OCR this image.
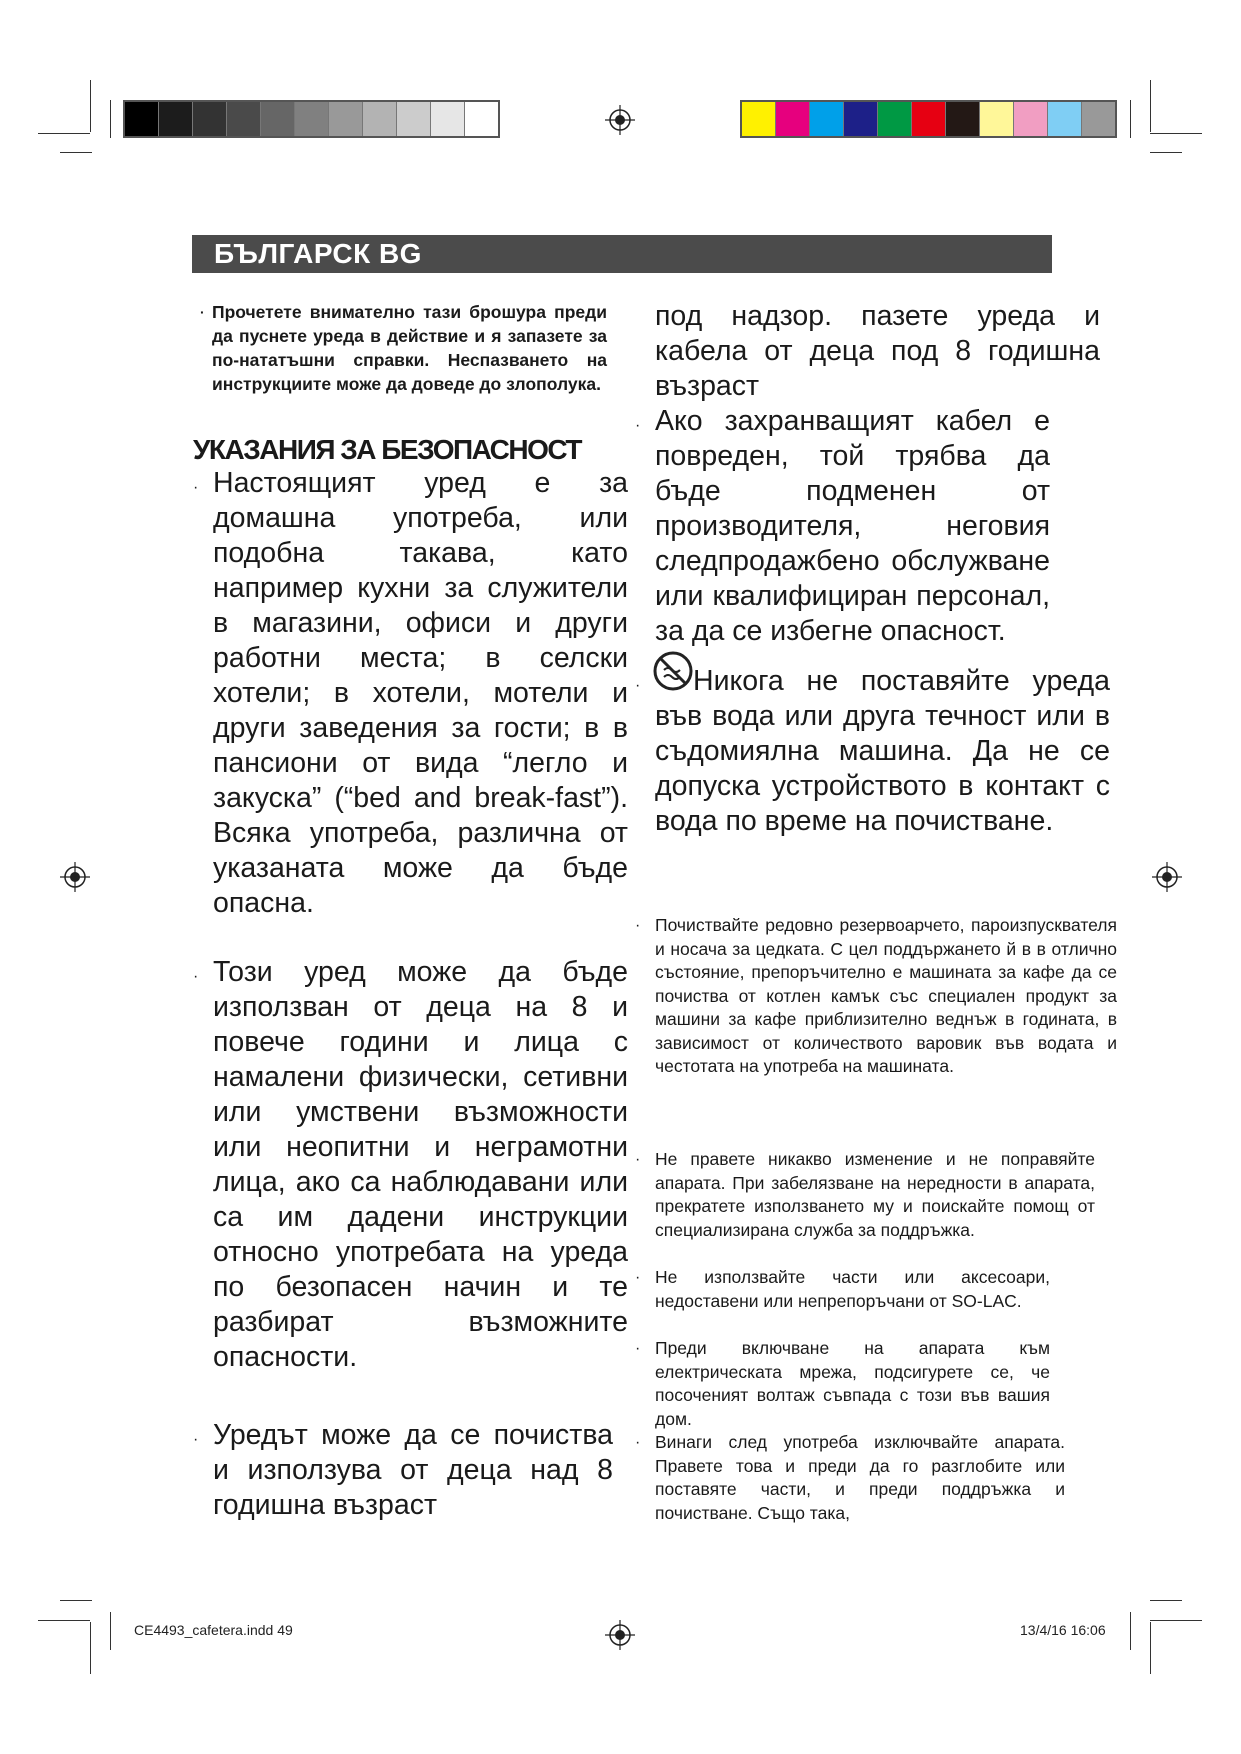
БЪЛГАРСК BG
· Прочетете внимателно тази брошура преди да пуснете уреда в действие и я запазете за по-нататъшни справки. Неспазването на инструкциите може да доведе до злополука.
УКАЗАНИЯ ЗА БЕЗОПАСНОСТ
· Настоящият уред е за домашна употреба, или подобна такава, като например кухни за служители в магазини, офиси и други работни места; в селски хотели; в хотели, мотели и други заведения за гости; в в пансиони от вида “легло и закуска” (“bed and break-fast”). Всяка употреба, различна от указаната може да бъде опасна.
· Този уред може да бъде използван от деца на 8 и повече години и лица с намалени физически, сетивни или умствени възможности или неопитни и неграмотни лица, ако са наблюдавани или са им дадени инструкции относно употребата на уреда по безопасен начин и те разбират възможните опасности.
· Уредът може да се почиства и използува от деца над 8 годишна възраст
под надзор. пазете уреда и кабела от деца под 8 годишна възраст
· Ако захранващият кабел е повреден, той трябва да бъде подменен от производителя, неговия следпродажбено обслужване или квалифициран персонал, за да се избегне опасност.
· Никога не поставяйте уреда във вода или друга течност или в съдомиялна машина. Да не се допуска устройството в контакт с вода по време на почистване.
· Почиствайте редовно резервоарчето, пароизпусквателя и носача за цедката. С цел поддържането й в в отлично състояние, препоръчително е машината за кафе да се почиства от котлен камък със специален продукт за машини за кафе приблизително веднъж в годината, в зависимост от количеството варовик във водата и честотата на употреба на машината.
· Не правете никакво изменение и не поправяйте апарата. При забелязване на нередности в апарата, прекратете използването му и поискайте помощ от специализирана служба за поддръжка.
· Не използвайте части или аксесоари, недоставени или непрепоръчани от SO-LAC.
· Преди включване на апарата към електрическата мрежа, подсигурете се, че посоченият волтаж съвпада с този във вашия дом.
· Винаги след употреба изключвайте апарата. Правете това и преди да го разглобите или поставяте части, и преди поддръжка и почистване. Също така,
CE4493_cafetera.indd 49	13/4/16 16:06
